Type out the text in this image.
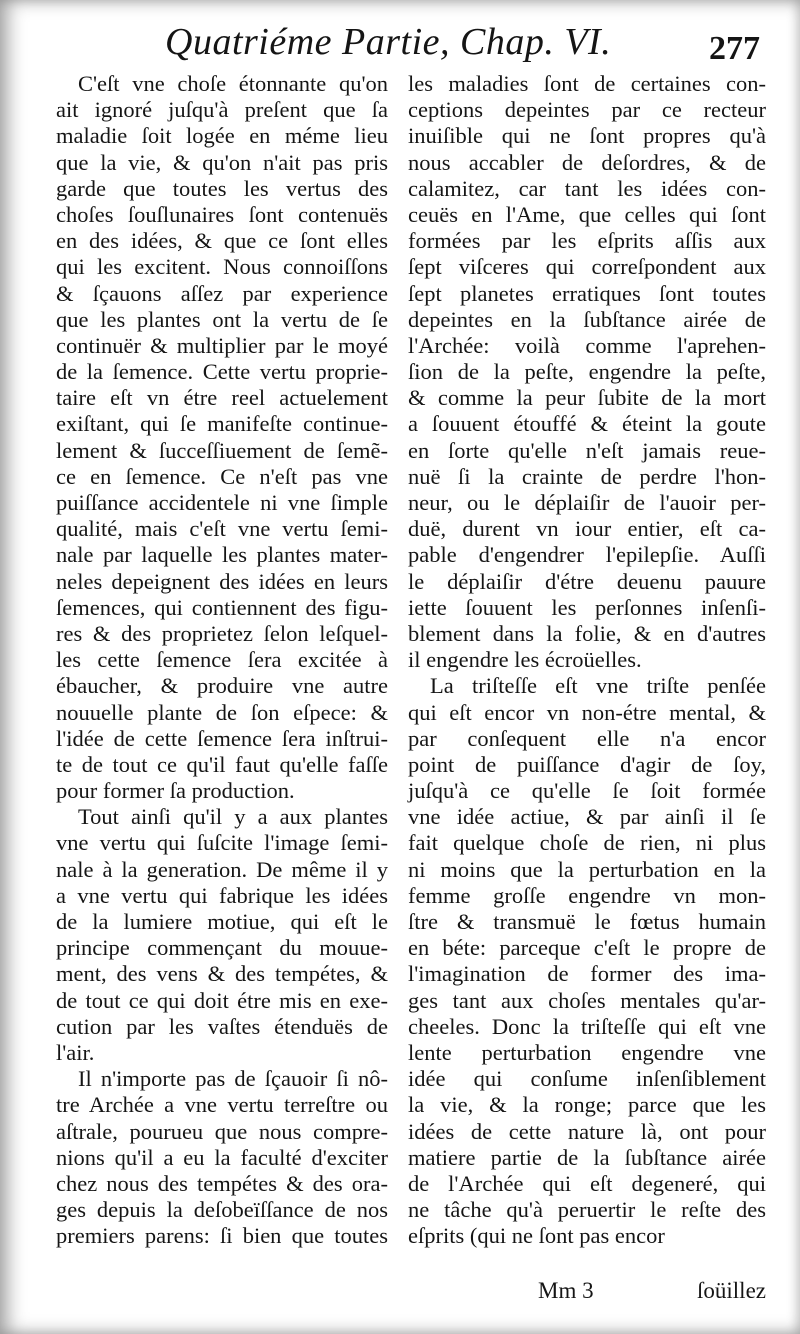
Quatriéme Partie, Chap. VI.	277
C'eſt vne choſe étonnante qu'on
ait ignoré juſqu'à preſent que ſa
maladie ſoit logée en méme lieu
que la vie, & qu'on n'ait pas pris
garde que toutes les vertus des
choſes ſouſlunaires ſont contenuës
en des idées, & que ce ſont elles
qui les excitent. Nous connoiſſons
& ſçauons aſſez par experience
que les plantes ont la vertu de ſe
continuër & multiplier par le moyé
de la ſemence. Cette vertu proprie-
taire eſt vn étre reel actuelement
exiſtant, qui ſe manifeſte continue-
lement & ſucceſſiuement de ſemẽ-
ce en ſemence. Ce n'eſt pas vne
puiſſance accidentele ni vne ſimple
qualité, mais c'eſt vne vertu ſemi-
nale par laquelle les plantes mater-
neles depeignent des idées en leurs
ſemences, qui contiennent des figu-
res & des proprietez ſelon leſquel-
les cette ſemence ſera excitée à
ébaucher, & produire vne autre
nouuelle plante de ſon eſpece: &
l'idée de cette ſemence ſera inſtrui-
te de tout ce qu'il faut qu'elle faſſe
pour former ſa production.
Tout ainſi qu'il y a aux plantes
vne vertu qui ſuſcite l'image ſemi-
nale à la generation. De même il y
a vne vertu qui fabrique les idées
de la lumiere motiue, qui eſt le
principe commençant du mouue-
ment, des vens & des tempétes, &
de tout ce qui doit étre mis en exe-
cution par les vaſtes étenduës de
l'air.
Il n'importe pas de ſçauoir ſi nô-
tre Archée a vne vertu terreſtre ou
aſtrale, pourueu que nous compre-
nions qu'il a eu la faculté d'exciter
chez nous des tempétes & des ora-
ges depuis la deſobeïſſance de nos
premiers parens: ſi bien que toutes
les maladies ſont de certaines con-
ceptions depeintes par ce recteur
inuiſible qui ne ſont propres qu'à
nous accabler de deſordres, & de
calamitez, car tant les idées con-
ceuës en l'Ame, que celles qui ſont
formées par les eſprits aſſis aux
ſept viſceres qui correſpondent aux
ſept planetes erratiques ſont toutes
depeintes en la ſubſtance airée de
l'Archée: voilà comme l'aprehen-
ſion de la peſte, engendre la peſte,
& comme la peur ſubite de la mort
a ſouuent étouffé & éteint la goute
en ſorte qu'elle n'eſt jamais reue-
nuë ſi la crainte de perdre l'hon-
neur, ou le déplaiſir de l'auoir per-
duë, durent vn iour entier, eſt ca-
pable d'engendrer l'epilepſie. Auſſi
le déplaiſir d'étre deuenu pauure
iette ſouuent les perſonnes inſenſi-
blement dans la folie, & en d'autres
il engendre les écroüelles.
La triſteſſe eſt vne triſte penſée
qui eſt encor vn non-étre mental, &
par conſequent elle n'a encor
point de puiſſance d'agir de ſoy,
juſqu'à ce qu'elle ſe ſoit formée
vne idée actiue, & par ainſi il ſe
fait quelque choſe de rien, ni plus
ni moins que la perturbation en la
femme groſſe engendre vn mon-
ſtre & transmuë le fœtus humain
en béte: parceque c'eſt le propre de
l'imagination de former des ima-
ges tant aux choſes mentales qu'ar-
cheeles. Donc la triſteſſe qui eſt vne
lente perturbation engendre vne
idée qui conſume inſenſiblement
la vie, & la ronge; parce que les
idées de cette nature là, ont pour
matiere partie de la ſubſtance airée
de l'Archée qui eſt degeneré, qui
ne tâche qu'à peruertir le reſte des
eſprits (qui ne ſont pas encor
Mm 3	ſoüillez
